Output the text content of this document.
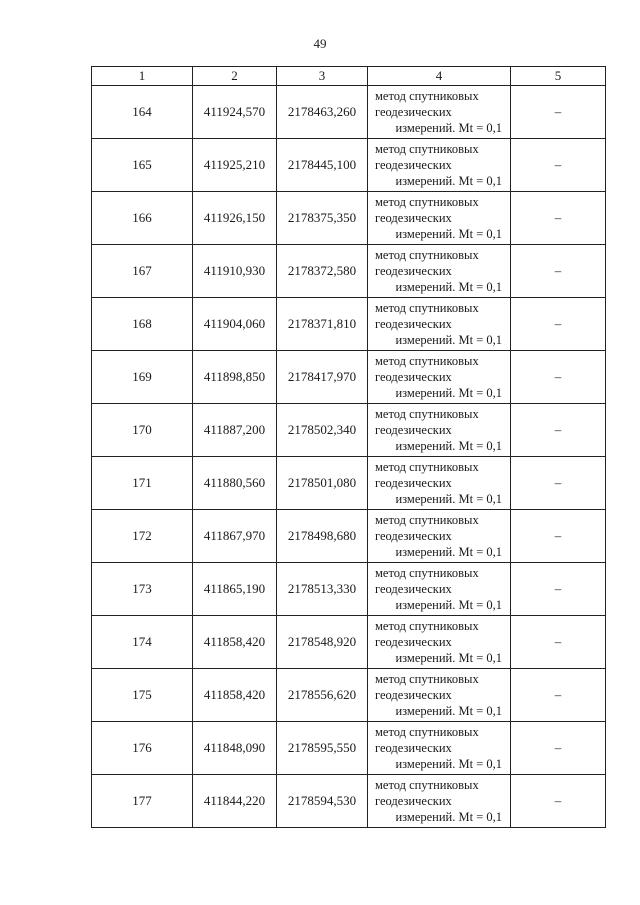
49
1	2	3	4	5
164	411924,570	2178463,260	метод спутниковых
геодезических
измерений. Mt = 0,1	–
165	411925,210	2178445,100	метод спутниковых
геодезических
измерений. Mt = 0,1	–
166	411926,150	2178375,350	метод спутниковых
геодезических
измерений. Mt = 0,1	–
167	411910,930	2178372,580	метод спутниковых
геодезических
измерений. Mt = 0,1	–
168	411904,060	2178371,810	метод спутниковых
геодезических
измерений. Mt = 0,1	–
169	411898,850	2178417,970	метод спутниковых
геодезических
измерений. Mt = 0,1	–
170	411887,200	2178502,340	метод спутниковых
геодезических
измерений. Mt = 0,1	–
171	411880,560	2178501,080	метод спутниковых
геодезических
измерений. Mt = 0,1	–
172	411867,970	2178498,680	метод спутниковых
геодезических
измерений. Mt = 0,1	–
173	411865,190	2178513,330	метод спутниковых
геодезических
измерений. Mt = 0,1	–
174	411858,420	2178548,920	метод спутниковых
геодезических
измерений. Mt = 0,1	–
175	411858,420	2178556,620	метод спутниковых
геодезических
измерений. Mt = 0,1	–
176	411848,090	2178595,550	метод спутниковых
геодезических
измерений. Mt = 0,1	–
177	411844,220	2178594,530	метод спутниковых
геодезических
измерений. Mt = 0,1	–
